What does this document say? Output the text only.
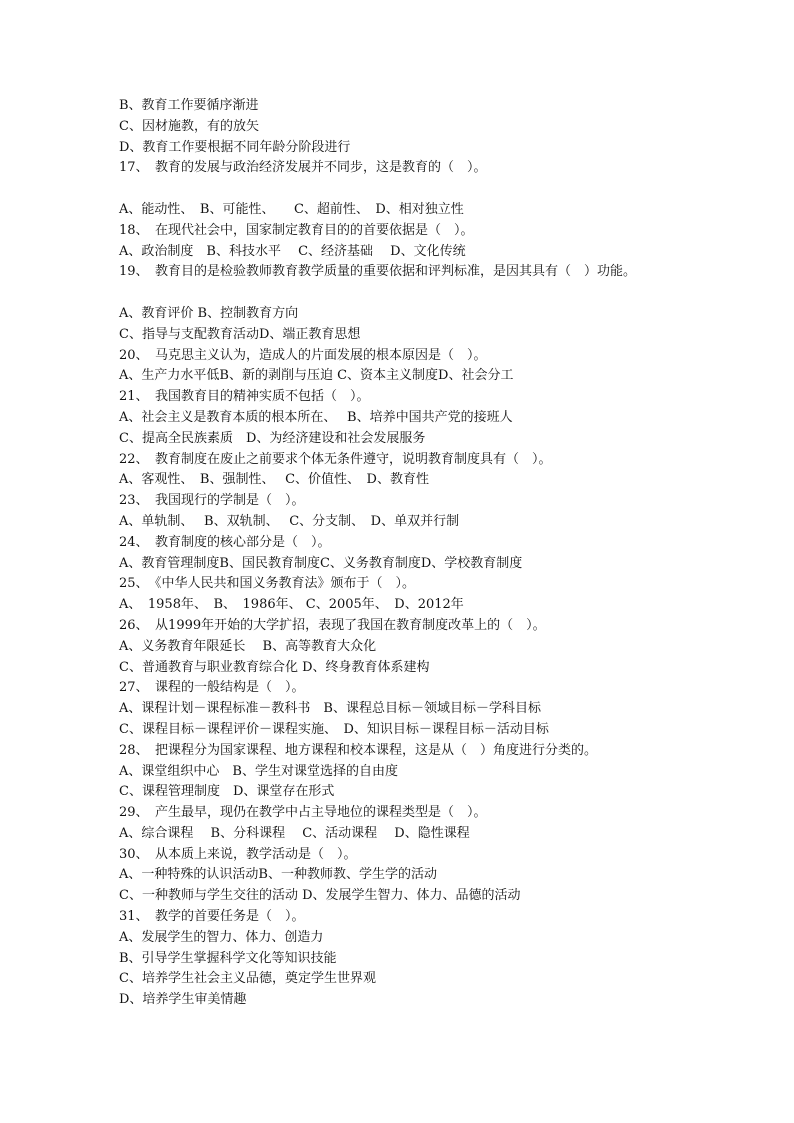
B、教育工作要循序渐进
C、因材施教，有的放矢
D、教育工作要根据不同年龄分阶段进行
17、　教育的发展与政治经济发展并不同步，这是教育的（　）。
A、能动性、　B、可能性、　　C、超前性、　D、相对独立性
18、　在现代社会中，国家制定教育目的的首要依据是（　）。
A、政治制度　B、科技水平　 C、经济基础　 D、文化传统
19、　教育目的是检验教师教育教学质量的重要依据和评判标准，是因其具有（　）功能。
A、教育评价 B、控制教育方向
C、指导与支配教育活动D、端正教育思想
20、　马克思主义认为，造成人的片面发展的根本原因是（　）。
A、生产力水平低B、新的剥削与压迫 C、资本主义制度D、社会分工
21、　我国教育目的精神实质不包括（　）。
A、社会主义是教育本质的根本所在、　 B、培养中国共产党的接班人
C、提高全民族素质　D、为经济建设和社会发展服务
22、　教育制度在废止之前要求个体无条件遵守，说明教育制度具有（　）。
A、客观性、　B、强制性、　 C、价值性、　D、教育性
23、　我国现行的学制是（　）。
A、单轨制、　 B、双轨制、　 C、分支制、　D、单双并行制
24、　教育制度的核心部分是（　）。
A、教育管理制度B、国民教育制度C、义务教育制度D、学校教育制度
25、　《中华人民共和国义务教育法》颁布于（　）。
A、　1958年、　B、　1986年、 C、2005年、　D、2012年
26、　从1999年开始的大学扩招，表现了我国在教育制度改革上的（　）。
A、义务教育年限延长　 B、高等教育大众化
C、普通教育与职业教育综合化 D、终身教育体系建构
27、　课程的一般结构是（　）。
A、课程计划－课程标准－教科书　B、课程总目标－领域目标－学科目标
C、课程目标－课程评价－课程实施、　D、知识目标－课程目标－活动目标
28、　把课程分为国家课程、地方课程和校本课程，这是从（　）角度进行分类的。
A、课堂组织中心　B、学生对课堂选择的自由度
C、课程管理制度　D、课堂存在形式
29、　产生最早，现仍在教学中占主导地位的课程类型是（　）。
A、综合课程　 B、分科课程　 C、活动课程　 D、隐性课程
30、　从本质上来说，教学活动是（　）。
A、一种特殊的认识活动B、一种教师教、学生学的活动
C、一种教师与学生交往的活动 D、发展学生智力、体力、品德的活动
31、　教学的首要任务是（　）。
A、发展学生的智力、体力、创造力
B、引导学生掌握科学文化等知识技能
C、培养学生社会主义品德，奠定学生世界观
D、培养学生审美情趣
